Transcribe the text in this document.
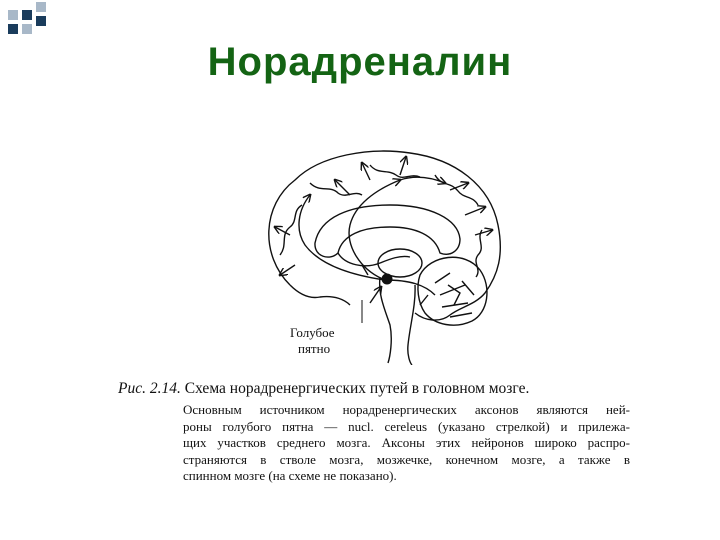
Норадреналин
Голубое
пятно
Рис. 2.14. Схема норадренергических путей в головном мозге.
Основным источником норадренергических аксонов являются ней-
роны голубого пятна — nucl. cereleus (указано стрелкой) и прилежа-
щих участков среднего мозга. Аксоны этих нейронов широко распро-
страняются в стволе мозга, мозжечке, конечном мозге, а также в
спинном мозге (на схеме не показано).
